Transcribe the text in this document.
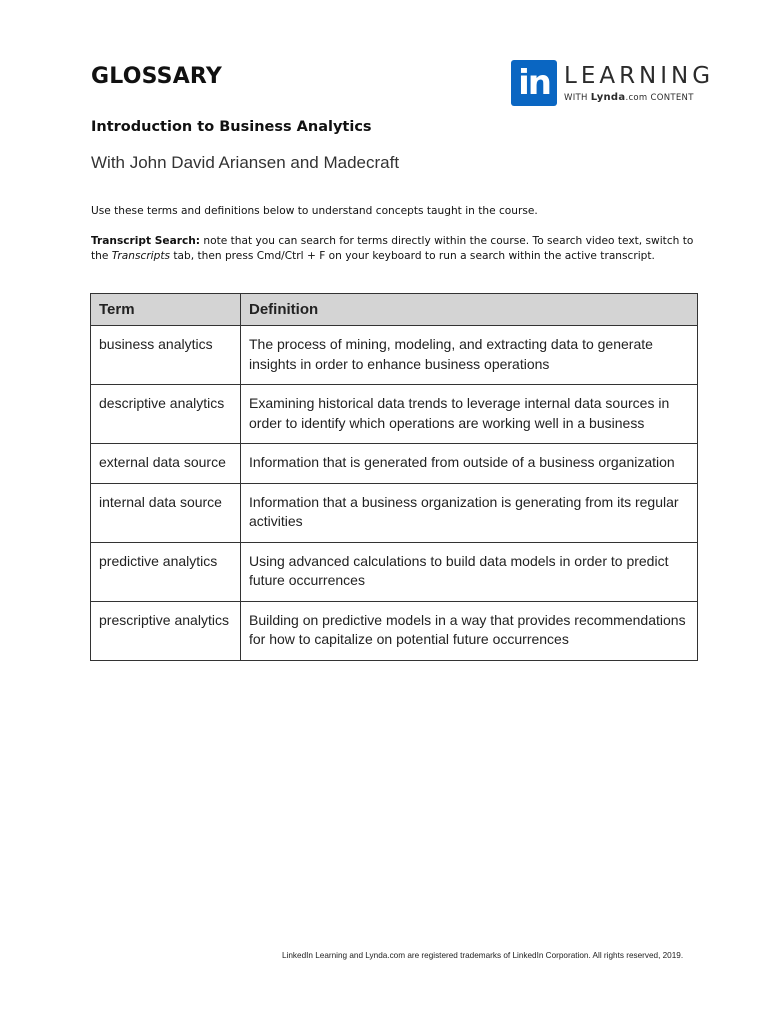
GLOSSARY	in LEARNING
WITH Lynda.com CONTENT
Introduction to Business Analytics
With John David Ariansen and Madecraft
Use these terms and definitions below to understand concepts taught in the course.
Transcript Search: note that you can search for terms directly within the course. To search video text, switch to the Transcripts tab, then press Cmd/Ctrl + F on your keyboard to run a search within the active transcript.
Term	Definition
business analytics	The process of mining, modeling, and extracting data to generate insights in order to enhance business operations
descriptive analytics	Examining historical data trends to leverage internal data sources in order to identify which operations are working well in a business
external data source	Information that is generated from outside of a business organization
internal data source	Information that a business organization is generating from its regular activities
predictive analytics	Using advanced calculations to build data models in order to predict future occurrences
prescriptive analytics	Building on predictive models in a way that provides recommendations for how to capitalize on potential future occurrences
LinkedIn Learning and Lynda.com are registered trademarks of LinkedIn Corporation. All rights reserved, 2019.
